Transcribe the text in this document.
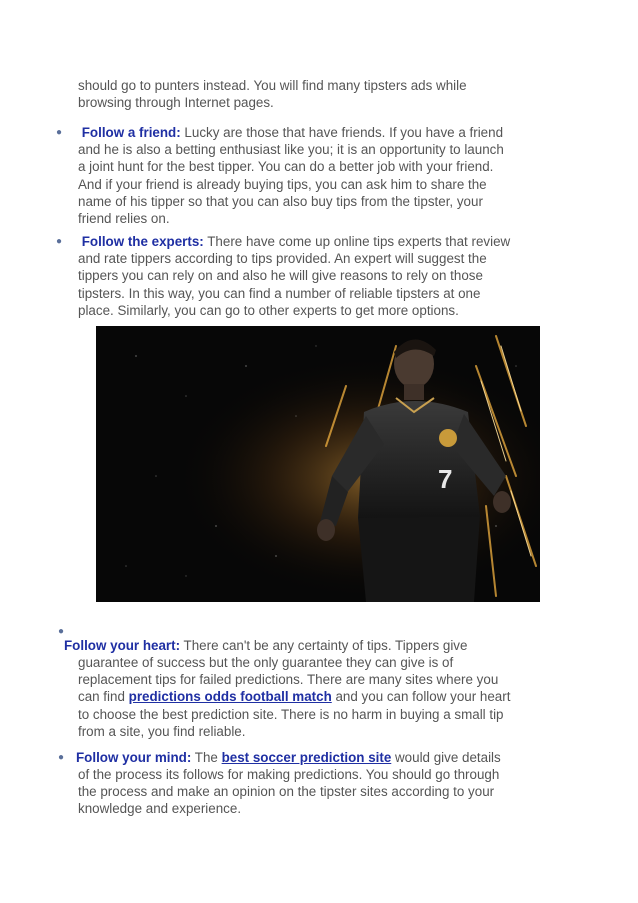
should go to punters instead. You will find many tipsters ads while
browsing through Internet pages.
● Follow a friend: Lucky are those that have friends. If you have a friend
and he is also a betting enthusiast like you; it is an opportunity to launch
a joint hunt for the best tipper. You can do a better job with your friend.
And if your friend is already buying tips, you can ask him to share the
name of his tipper so that you can also buy tips from the tipster, your
friend relies on.
● Follow the experts: There have come up online tips experts that review
and rate tippers according to tips provided. An expert will suggest the
tippers you can rely on and also he will give reasons to rely on those
tipsters. In this way, you can find a number of reliable tipsters at one
place. Similarly, you can go to other experts to get more options.
7
●
Follow your heart: There can't be any certainty of tips. Tippers give
guarantee of success but the only guarantee they can give is of
replacement tips for failed predictions. There are many sites where you
can find predictions odds football match and you can follow your heart
to choose the best prediction site. There is no harm in buying a small tip
from a site, you find reliable.
● Follow your mind: The best soccer prediction site would give details
of the process its follows for making predictions. You should go through
the process and make an opinion on the tipster sites according to your
knowledge and experience.
